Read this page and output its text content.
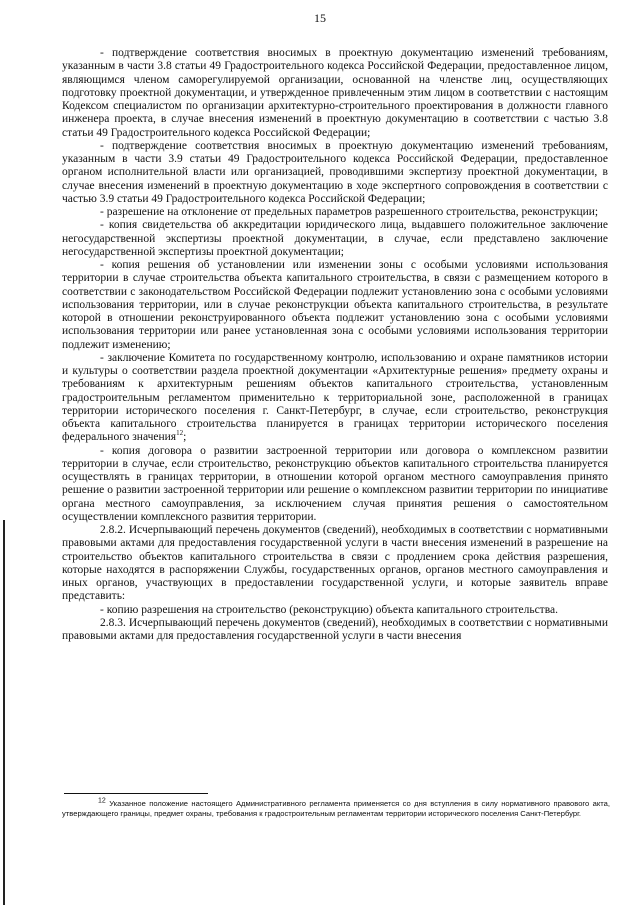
15

- подтверждение соответствия вносимых в проектную документацию изменений требованиям, указанным в части 3.8 статьи 49 Градостроительного кодекса Российской Федерации, предоставленное лицом, являющимся членом саморегулируемой организации, основанной на членстве лиц, осуществляющих подготовку проектной документации, и утвержденное привлеченным этим лицом в соответствии с настоящим Кодексом специалистом по организации архитектурно-строительного проектирования в должности главного инженера проекта, в случае внесения изменений в проектную документацию в соответствии с частью 3.8 статьи 49 Градостроительного кодекса Российской Федерации;

- подтверждение соответствия вносимых в проектную документацию изменений требованиям, указанным в части 3.9 статьи 49 Градостроительного кодекса Российской Федерации, предоставленное органом исполнительной власти или организацией, проводившими экспертизу проектной документации, в случае внесения изменений в проектную документацию в ходе экспертного сопровождения в соответствии с частью 3.9 статьи 49 Градостроительного кодекса Российской Федерации;

- разрешение на отклонение от предельных параметров разрешенного строительства, реконструкции;

- копия свидетельства об аккредитации юридического лица, выдавшего положительное заключение негосударственной экспертизы проектной документации, в случае, если представлено заключение негосударственной экспертизы проектной документации;

- копия решения об установлении или изменении зоны с особыми условиями использования территории в случае строительства объекта капитального строительства, в связи с размещением которого в соответствии с законодательством Российской Федерации подлежит установлению зона с особыми условиями использования территории, или в случае реконструкции объекта капитального строительства, в результате которой в отношении реконструированного объекта подлежит установлению зона с особыми условиями использования территории или ранее установленная зона с особыми условиями использования территории подлежит изменению;

- заключение Комитета по государственному контролю, использованию и охране памятников истории и культуры о соответствии раздела проектной документации «Архитектурные решения» предмету охраны и требованиям к архитектурным решениям объектов капитального строительства, установленным градостроительным регламентом применительно к территориальной зоне, расположенной в границах территории исторического поселения г. Санкт-Петербург, в случае, если строительство, реконструкция объекта капитального строительства планируется в границах территории исторического поселения федерального значения$^{12}$;

- копия договора о развитии застроенной территории или договора о комплексном развитии территории в случае, если строительство, реконструкцию объектов капитального строительства планируется осуществлять в границах территории, в отношении которой органом местного самоуправления принято решение о развитии застроенной территории или решение о комплексном развитии территории по инициативе органа местного самоуправления, за исключением случая принятия решения о самостоятельном осуществлении комплексного развития территории.

2.8.2. Исчерпывающий перечень документов (сведений), необходимых в соответствии с нормативными правовыми актами для предоставления государственной услуги в части внесения изменений в разрешение на строительство объектов капитального строительства в связи с продлением срока действия разрешения, которые находятся в распоряжении Службы, государственных органов, органов местного самоуправления и иных органов, участвующих в предоставлении государственной услуги, и которые заявитель вправе представить:

- копию разрешения на строительство (реконструкцию) объекта капитального строительства.

2.8.3. Исчерпывающий перечень документов (сведений), необходимых в соответствии с нормативными правовыми актами для предоставления государственной услуги в части внесения

$^{12}$ Указанное положение настоящего Административного регламента применяется со дня вступления в силу нормативного правового акта, утверждающего границы, предмет охраны, требования к градостроительным регламентам территории исторического поселения Санкт-Петербург.
